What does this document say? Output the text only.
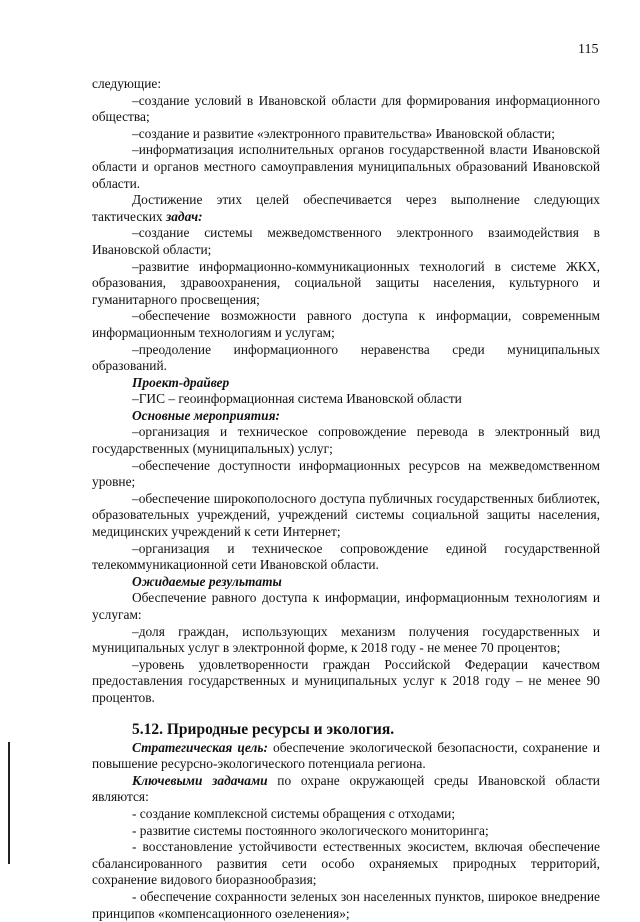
115

следующие:

–создание условий в Ивановской области для формирования информационного общества;

–создание и развитие «электронного правительства» Ивановской области;

–информатизация исполнительных органов государственной власти Ивановской области и органов местного самоуправления муниципальных образований Ивановской области.

Достижение этих целей обеспечивается через выполнение следующих тактических задач:

–создание системы межведомственного электронного взаимодействия в Ивановской области;

–развитие информационно-коммуникационных технологий в системе ЖКХ, образования, здравоохранения, социальной защиты населения, культурного и гуманитарного просвещения;

–обеспечение возможности равного доступа к информации, современным информационным технологиям и услугам;

–преодоление информационного неравенства среди муниципальных образований.

Проект-драйвер

–ГИС – геоинформационная система Ивановской области

Основные мероприятия:

–организация и техническое сопровождение перевода в электронный вид государственных (муниципальных) услуг;

–обеспечение доступности информационных ресурсов на межведомственном уровне;

–обеспечение широкополосного доступа публичных государственных библиотек, образовательных учреждений, учреждений системы социальной защиты населения, медицинских учреждений к сети Интернет;

–организация и техническое сопровождение единой государственной телекоммуникационной сети Ивановской области.

Ожидаемые результаты

Обеспечение равного доступа к информации, информационным технологиям и услугам:

–доля граждан, использующих механизм получения государственных и муниципальных услуг в электронной форме, к 2018 году - не менее 70 процентов;

–уровень удовлетворенности граждан Российской Федерации качеством предоставления государственных и муниципальных услуг к 2018 году – не менее 90 процентов.

5.12. Природные ресурсы и экология.

Стратегическая цель: обеспечение экологической безопасности, сохранение и повышение ресурсно-экологического потенциала региона.

Ключевыми задачами по охране окружающей среды Ивановской области являются:

- создание комплексной системы обращения с отходами;

- развитие системы постоянного экологического мониторинга;

- восстановление устойчивости естественных экосистем, включая обеспечение сбалансированного развития сети особо охраняемых природных территорий, сохранение видового биоразнообразия;

- обеспечение сохранности зеленых зон населенных пунктов, широкое внедрение принципов «компенсационного озеленения»;
